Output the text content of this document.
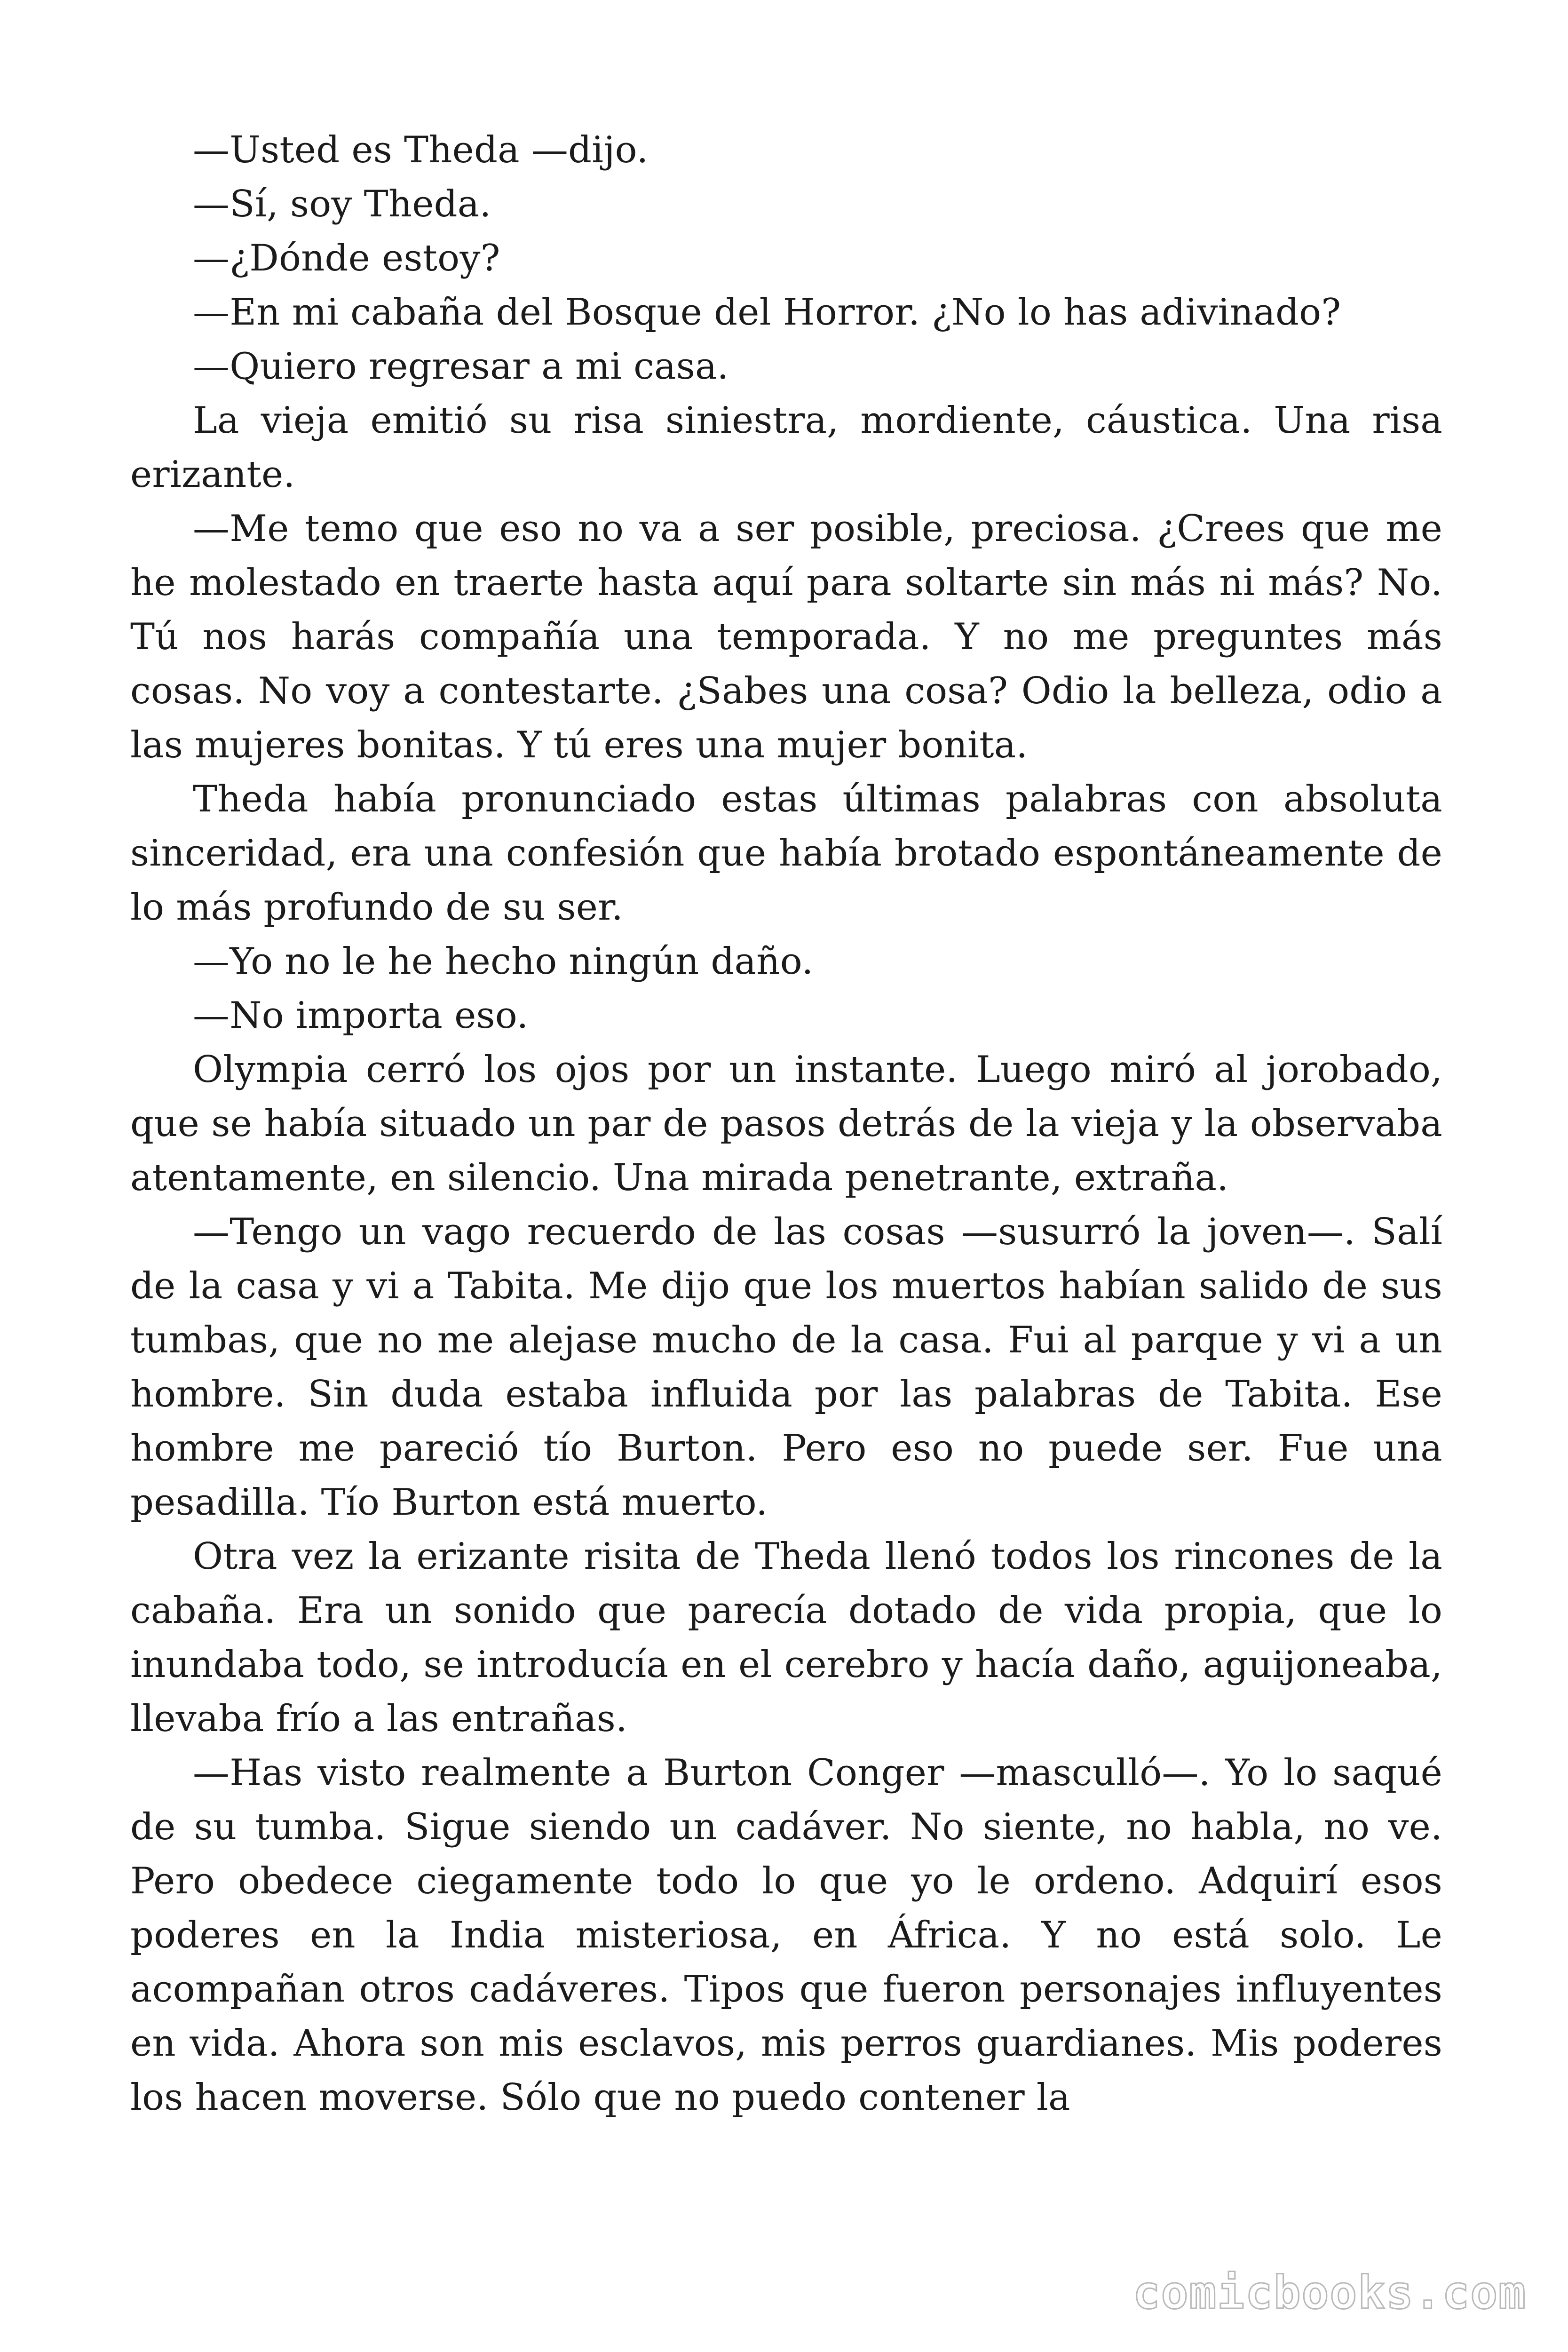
—Usted es Theda —dijo.

—Sí, soy Theda.

—¿Dónde estoy?

—En mi cabaña del Bosque del Horror. ¿No lo has adivinado?

—Quiero regresar a mi casa.

La vieja emitió su risa siniestra, mordiente, cáustica. Una risa erizante.

—Me temo que eso no va a ser posible, preciosa. ¿Crees que me he molestado en traerte hasta aquí para soltarte sin más ni más? No. Tú nos harás compañía una temporada. Y no me preguntes más cosas. No voy a contestarte. ¿Sabes una cosa? Odio la belleza, odio a las mujeres bonitas. Y tú eres una mujer bonita.

Theda había pronunciado estas últimas palabras con absoluta sinceridad, era una confesión que había brotado espontáneamente de lo más profundo de su ser.

—Yo no le he hecho ningún daño.

—No importa eso.

Olympia cerró los ojos por un instante. Luego miró al jorobado, que se había situado un par de pasos detrás de la vieja y la observaba atentamente, en silencio. Una mirada penetrante, extraña.

—Tengo un vago recuerdo de las cosas —susurró la joven—. Salí de la casa y vi a Tabita. Me dijo que los muertos habían salido de sus tumbas, que no me alejase mucho de la casa. Fui al parque y vi a un hombre. Sin duda estaba influida por las palabras de Tabita. Ese hombre me pareció tío Burton. Pero eso no puede ser. Fue una pesadilla. Tío Burton está muerto.

Otra vez la erizante risita de Theda llenó todos los rincones de la cabaña. Era un sonido que parecía dotado de vida propia, que lo inundaba todo, se introducía en el cerebro y hacía daño, aguijoneaba, llevaba frío a las entrañas.

—Has visto realmente a Burton Conger —mascullό—. Yo lo saqué de su tumba. Sigue siendo un cadáver. No siente, no habla, no ve. Pero obedece ciegamente todo lo que yo le ordeno. Adquirí esos poderes en la India misteriosa, en África. Y no está solo. Le acompañan otros cadáveres. Tipos que fueron personajes influyentes en vida. Ahora son mis esclavos, mis perros guardianes. Mis poderes los hacen moverse. Sólo que no puedo contener la

comicbooks.com
